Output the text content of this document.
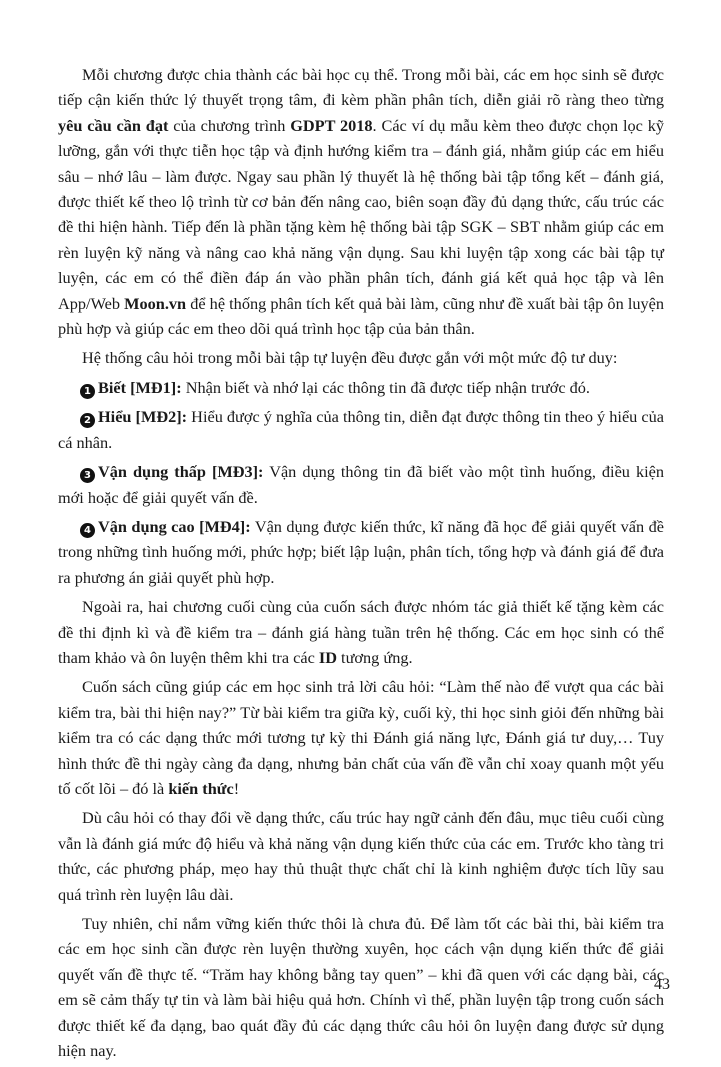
Mỗi chương được chia thành các bài học cụ thể. Trong mỗi bài, các em học sinh sẽ được tiếp cận kiến thức lý thuyết trọng tâm, đi kèm phần phân tích, diễn giải rõ ràng theo từng yêu cầu cần đạt của chương trình GDPT 2018. Các ví dụ mẫu kèm theo được chọn lọc kỹ lưỡng, gắn với thực tiễn học tập và định hướng kiểm tra – đánh giá, nhằm giúp các em hiểu sâu – nhớ lâu – làm được. Ngay sau phần lý thuyết là hệ thống bài tập tổng kết – đánh giá, được thiết kế theo lộ trình từ cơ bản đến nâng cao, biên soạn đầy đủ dạng thức, cấu trúc các đề thi hiện hành. Tiếp đến là phần tặng kèm hệ thống bài tập SGK – SBT nhằm giúp các em rèn luyện kỹ năng và nâng cao khả năng vận dụng. Sau khi luyện tập xong các bài tập tự luyện, các em có thể điền đáp án vào phần phân tích, đánh giá kết quả học tập và lên App/Web Moon.vn để hệ thống phân tích kết quả bài làm, cũng như đề xuất bài tập ôn luyện phù hợp và giúp các em theo dõi quá trình học tập của bản thân.

Hệ thống câu hỏi trong mỗi bài tập tự luyện đều được gắn với một mức độ tư duy:

1 Biết [MĐ1]: Nhận biết và nhớ lại các thông tin đã được tiếp nhận trước đó.

2 Hiểu [MĐ2]: Hiểu được ý nghĩa của thông tin, diễn đạt được thông tin theo ý hiểu của cá nhân.

3 Vận dụng thấp [MĐ3]: Vận dụng thông tin đã biết vào một tình huống, điều kiện mới hoặc để giải quyết vấn đề.

4 Vận dụng cao [MĐ4]: Vận dụng được kiến thức, kĩ năng đã học để giải quyết vấn đề trong những tình huống mới, phức hợp; biết lập luận, phân tích, tổng hợp và đánh giá để đưa ra phương án giải quyết phù hợp.

Ngoài ra, hai chương cuối cùng của cuốn sách được nhóm tác giả thiết kế tặng kèm các đề thi định kì và đề kiểm tra – đánh giá hàng tuần trên hệ thống. Các em học sinh có thể tham khảo và ôn luyện thêm khi tra các ID tương ứng.

Cuốn sách cũng giúp các em học sinh trả lời câu hỏi: “Làm thế nào để vượt qua các bài kiểm tra, bài thi hiện nay?” Từ bài kiểm tra giữa kỳ, cuối kỳ, thi học sinh giỏi đến những bài kiểm tra có các dạng thức mới tương tự kỳ thi Đánh giá năng lực, Đánh giá tư duy,… Tuy hình thức đề thi ngày càng đa dạng, nhưng bản chất của vấn đề vẫn chỉ xoay quanh một yếu tố cốt lõi – đó là kiến thức!

Dù câu hỏi có thay đổi về dạng thức, cấu trúc hay ngữ cảnh đến đâu, mục tiêu cuối cùng vẫn là đánh giá mức độ hiểu và khả năng vận dụng kiến thức của các em. Trước kho tàng tri thức, các phương pháp, mẹo hay thủ thuật thực chất chỉ là kinh nghiệm được tích lũy sau quá trình rèn luyện lâu dài.

Tuy nhiên, chỉ nắm vững kiến thức thôi là chưa đủ. Để làm tốt các bài thi, bài kiểm tra các em học sinh cần được rèn luyện thường xuyên, học cách vận dụng kiến thức để giải quyết vấn đề thực tế. “Trăm hay không bằng tay quen” – khi đã quen với các dạng bài, các em sẽ cảm thấy tự tin và làm bài hiệu quả hơn. Chính vì thế, phần luyện tập trong cuốn sách được thiết kế đa dạng, bao quát đầy đủ các dạng thức câu hỏi ôn luyện đang được sử dụng hiện nay.

43
